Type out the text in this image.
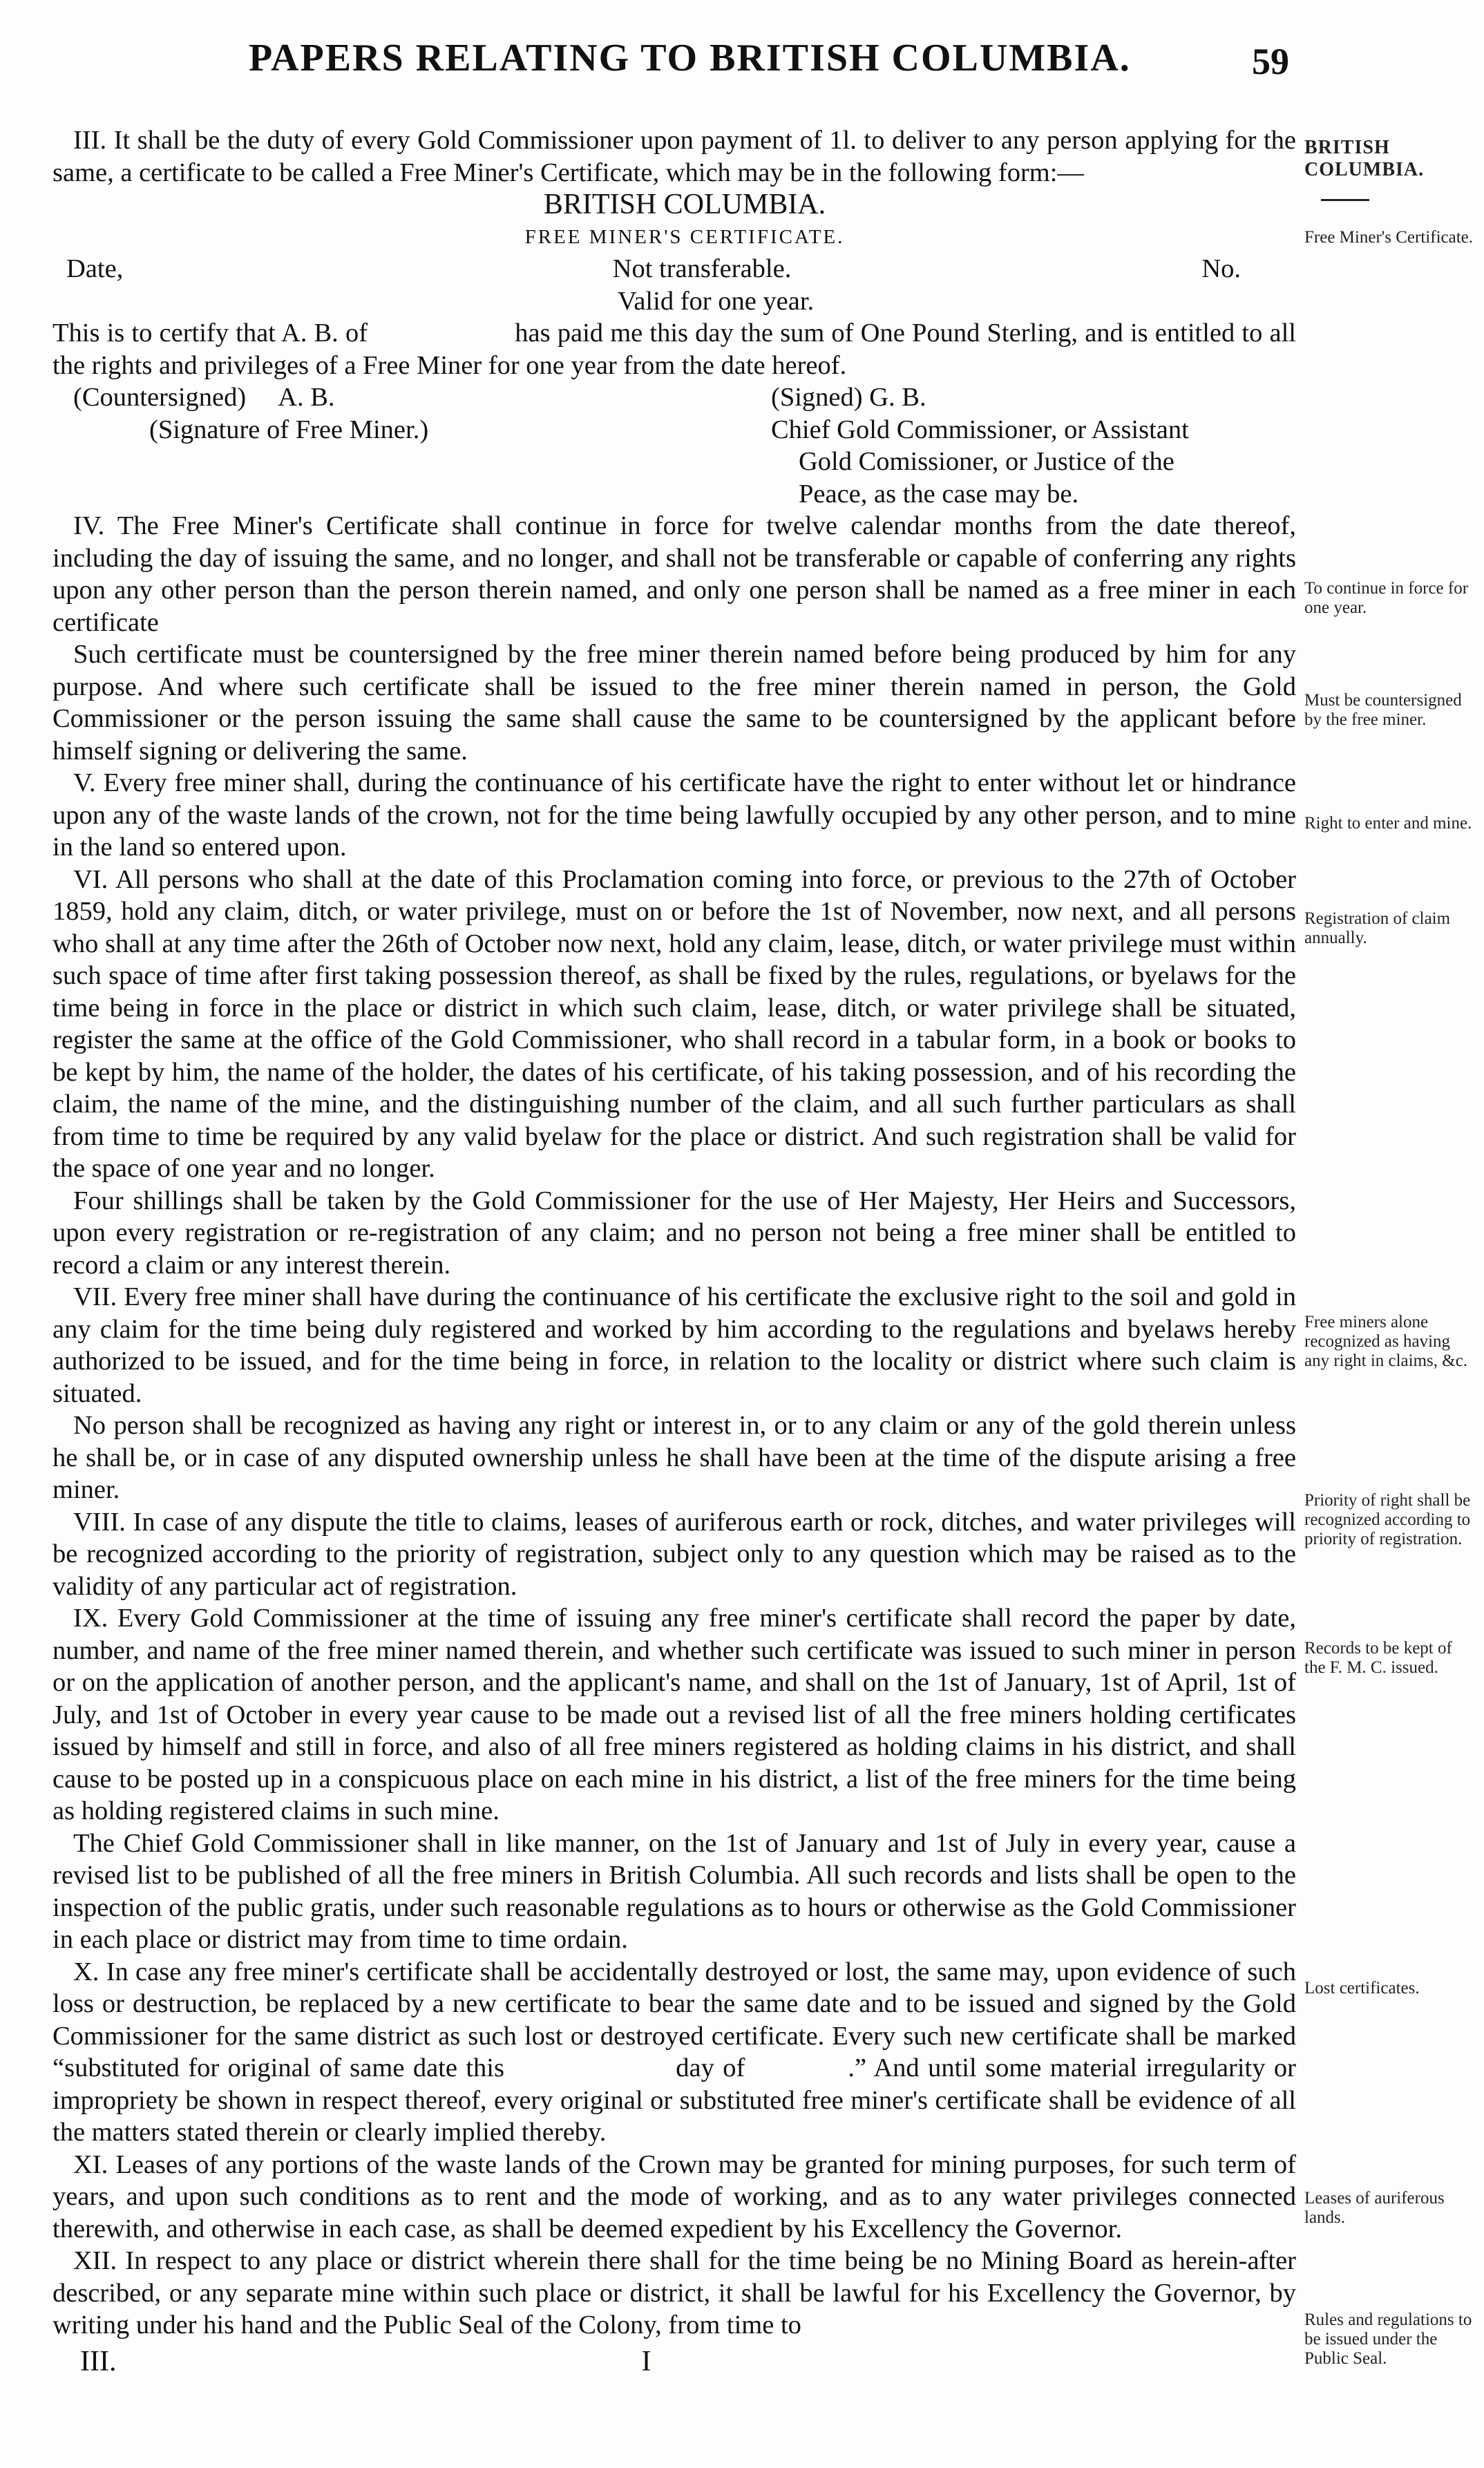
PAPERS RELATING TO BRITISH COLUMBIA.	59
BRITISH COLUMBIA.

III. It shall be the duty of every Gold Commissioner upon payment of 1l. to deliver to any person applying for the same, a certificate to be called a Free Miner's Certificate, which may be in the following form:—

BRITISH COLUMBIA.

FREE MINER'S CERTIFICATE.

Date,	Not transferable.	No.
Valid for one year.

This is to certify that A. B. of                     has paid me this day the sum of One Pound Sterling, and is entitled to all the rights and privileges of a Free Miner for one year from the date hereof.

(Countersigned)     A. B.	(Signed) G. B.
(Signature of Free Miner.)	Chief Gold Commissioner, or Assistant
Gold Comissioner, or Justice of the
Peace, as the case may be.

IV. The Free Miner's Certificate shall continue in force for twelve calendar months from the date thereof, including the day of issuing the same, and no longer, and shall not be transferable or capable of conferring any rights upon any other person than the person therein named, and only one person shall be named as a free miner in each certificate

Such certificate must be countersigned by the free miner therein named before being produced by him for any purpose. And where such certificate shall be issued to the free miner therein named in person, the Gold Commissioner or the person issuing the same shall cause the same to be countersigned by the applicant before himself signing or delivering the same.

V. Every free miner shall, during the continuance of his certificate have the right to enter without let or hindrance upon any of the waste lands of the crown, not for the time being lawfully occupied by any other person, and to mine in the land so entered upon.

VI. All persons who shall at the date of this Proclamation coming into force, or previous to the 27th of October 1859, hold any claim, ditch, or water privilege, must on or before the 1st of November, now next, and all persons who shall at any time after the 26th of October now next, hold any claim, lease, ditch, or water privilege must within such space of time after first taking possession thereof, as shall be fixed by the rules, regulations, or byelaws for the time being in force in the place or district in which such claim, lease, ditch, or water privilege shall be situated, register the same at the office of the Gold Commissioner, who shall record in a tabular form, in a book or books to be kept by him, the name of the holder, the dates of his certificate, of his taking possession, and of his recording the claim, the name of the mine, and the distinguishing number of the claim, and all such further particulars as shall from time to time be required by any valid byelaw for the place or district. And such registration shall be valid for the space of one year and no longer.

Four shillings shall be taken by the Gold Commissioner for the use of Her Majesty, Her Heirs and Successors, upon every registration or re-registration of any claim; and no person not being a free miner shall be entitled to record a claim or any interest therein.

VII. Every free miner shall have during the continuance of his certificate the exclusive right to the soil and gold in any claim for the time being duly registered and worked by him according to the regulations and byelaws hereby authorized to be issued, and for the time being in force, in relation to the locality or district where such claim is situated.

No person shall be recognized as having any right or interest in, or to any claim or any of the gold therein unless he shall be, or in case of any disputed ownership unless he shall have been at the time of the dispute arising a free miner.

VIII. In case of any dispute the title to claims, leases of auriferous earth or rock, ditches, and water privileges will be recognized according to the priority of registration, subject only to any question which may be raised as to the validity of any particular act of registration.

IX. Every Gold Commissioner at the time of issuing any free miner's certificate shall record the paper by date, number, and name of the free miner named therein, and whether such certificate was issued to such miner in person or on the application of another person, and the applicant's name, and shall on the 1st of January, 1st of April, 1st of July, and 1st of October in every year cause to be made out a revised list of all the free miners holding certificates issued by himself and still in force, and also of all free miners registered as holding claims in his district, and shall cause to be posted up in a conspicuous place on each mine in his district, a list of the free miners for the time being as holding registered claims in such mine.

The Chief Gold Commissioner shall in like manner, on the 1st of January and 1st of July in every year, cause a revised list to be published of all the free miners in British Columbia. All such records and lists shall be open to the inspection of the public gratis, under such reasonable regulations as to hours or otherwise as the Gold Commissioner in each place or district may from time to time ordain.

X. In case any free miner's certificate shall be accidentally destroyed or lost, the same may, upon evidence of such loss or destruction, be replaced by a new certificate to bear the same date and to be issued and signed by the Gold Commissioner for the same district as such lost or destroyed certificate. Every such new certificate shall be marked “substituted for original of same date this                    day of            .” And until some material irregularity or impropriety be shown in respect thereof, every original or substituted free miner's certificate shall be evidence of all the matters stated therein or clearly implied thereby.

XI. Leases of any portions of the waste lands of the Crown may be granted for mining purposes, for such term of years, and upon such conditions as to rent and the mode of working, and as to any water privileges connected therewith, and otherwise in each case, as shall be deemed expedient by his Excellency the Governor.

XII. In respect to any place or district wherein there shall for the time being be no Mining Board as herein-after described, or any separate mine within such place or district, it shall be lawful for his Excellency the Governor, by writing under his hand and the Public Seal of the Colony, from time to

III.	I
Free Miner's Certificate.
To continue in force for one year.
Must be countersigned by the free miner.
Right to enter and mine.
Registration of claim annually.
Free miners alone recognized as having any right in claims, &c.
Priority of right shall be recognized according to priority of registration.
Records to be kept of the F. M. C. issued.
Lost certificates.
Leases of auriferous lands.
Rules and regulations to be issued under the Public Seal.
